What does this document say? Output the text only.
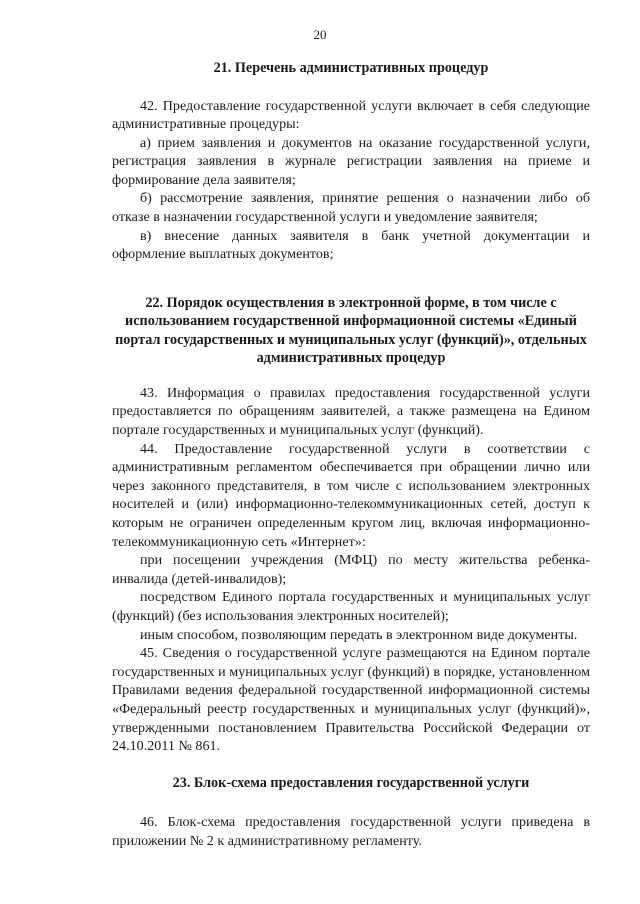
20
21. Перечень административных процедур

42. Предоставление государственной услуги включает в себя следующие административные процедуры:

а) прием заявления и документов на оказание государственной услуги, регистрация заявления в журнале регистрации заявления на приеме и формирование дела заявителя;

б) рассмотрение заявления, принятие решения о назначении либо об отказе в назначении государственной услуги и уведомление заявителя;

в) внесение данных заявителя в банк учетной документации и оформление выплатных документов;

22. Порядок осуществления в электронной форме, в том числе с использованием государственной информационной системы «Единый портал государственных и муниципальных услуг (функций)», отдельных административных процедур

43. Информация о правилах предоставления государственной услуги предоставляется по обращениям заявителей, а также размещена на Едином портале государственных и муниципальных услуг (функций).

44. Предоставление государственной услуги в соответствии с административным регламентом обеспечивается при обращении лично или через законного представителя, в том числе с использованием электронных носителей и (или) информационно-телекоммуникационных сетей, доступ к которым не ограничен определенным кругом лиц, включая информационно-телекоммуникационную сеть «Интернет»:

при посещении учреждения (МФЦ) по месту жительства ребенка-инвалида (детей-инвалидов);

посредством Единого портала государственных и муниципальных услуг (функций) (без использования электронных носителей);

иным способом, позволяющим передать в электронном виде документы.

45. Сведения о государственной услуге размещаются на Едином портале государственных и муниципальных услуг (функций) в порядке, установленном Правилами ведения федеральной государственной информационной системы «Федеральный реестр государственных и муниципальных услуг (функций)», утвержденными постановлением Правительства Российской Федерации от 24.10.2011 № 861.

23. Блок-схема предоставления государственной услуги

46. Блок-схема предоставления государственной услуги приведена в приложении № 2 к административному регламенту.
